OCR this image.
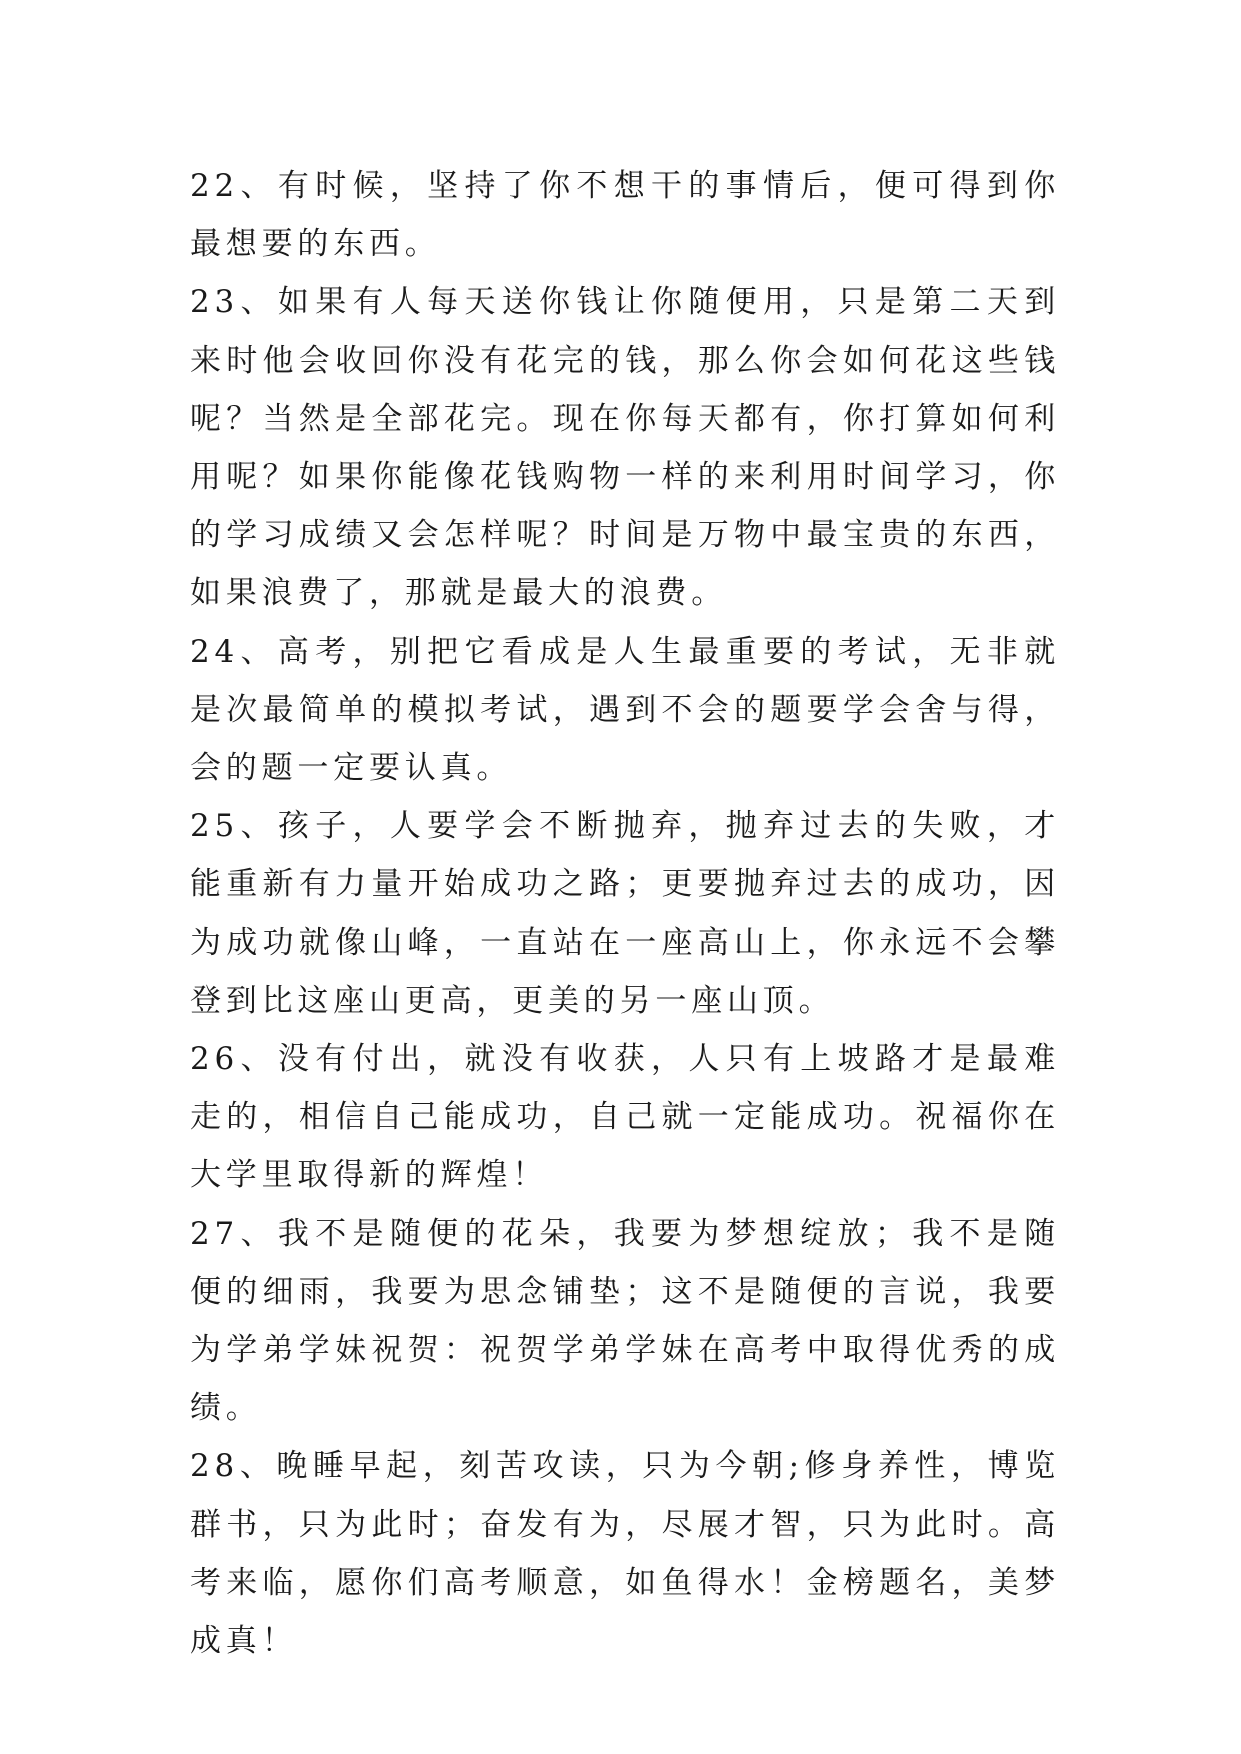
22、有时候，坚持了你不想干的事情后，便可得到你最想要的东西。

23、如果有人每天送你钱让你随便用，只是第二天到来时他会收回你没有花完的钱，那么你会如何花这些钱呢？当然是全部花完。现在你每天都有，你打算如何利用呢？如果你能像花钱购物一样的来利用时间学习，你的学习成绩又会怎样呢？时间是万物中最宝贵的东西，如果浪费了，那就是最大的浪费。

24、高考，别把它看成是人生最重要的考试，无非就是次最简单的模拟考试，遇到不会的题要学会舍与得，会的题一定要认真。

25、孩子，人要学会不断抛弃，抛弃过去的失败，才能重新有力量开始成功之路；更要抛弃过去的成功，因为成功就像山峰，一直站在一座高山上，你永远不会攀登到比这座山更高，更美的另一座山顶。

26、没有付出，就没有收获，人只有上坡路才是最难走的，相信自己能成功，自己就一定能成功。祝福你在大学里取得新的辉煌！

27、我不是随便的花朵，我要为梦想绽放；我不是随便的细雨，我要为思念铺垫；这不是随便的言说，我要为学弟学妹祝贺：祝贺学弟学妹在高考中取得优秀的成绩。

28、晚睡早起，刻苦攻读，只为今朝;修身养性，博览群书，只为此时；奋发有为，尽展才智，只为此时。高考来临，愿你们高考顺意，如鱼得水！金榜题名，美梦成真！
